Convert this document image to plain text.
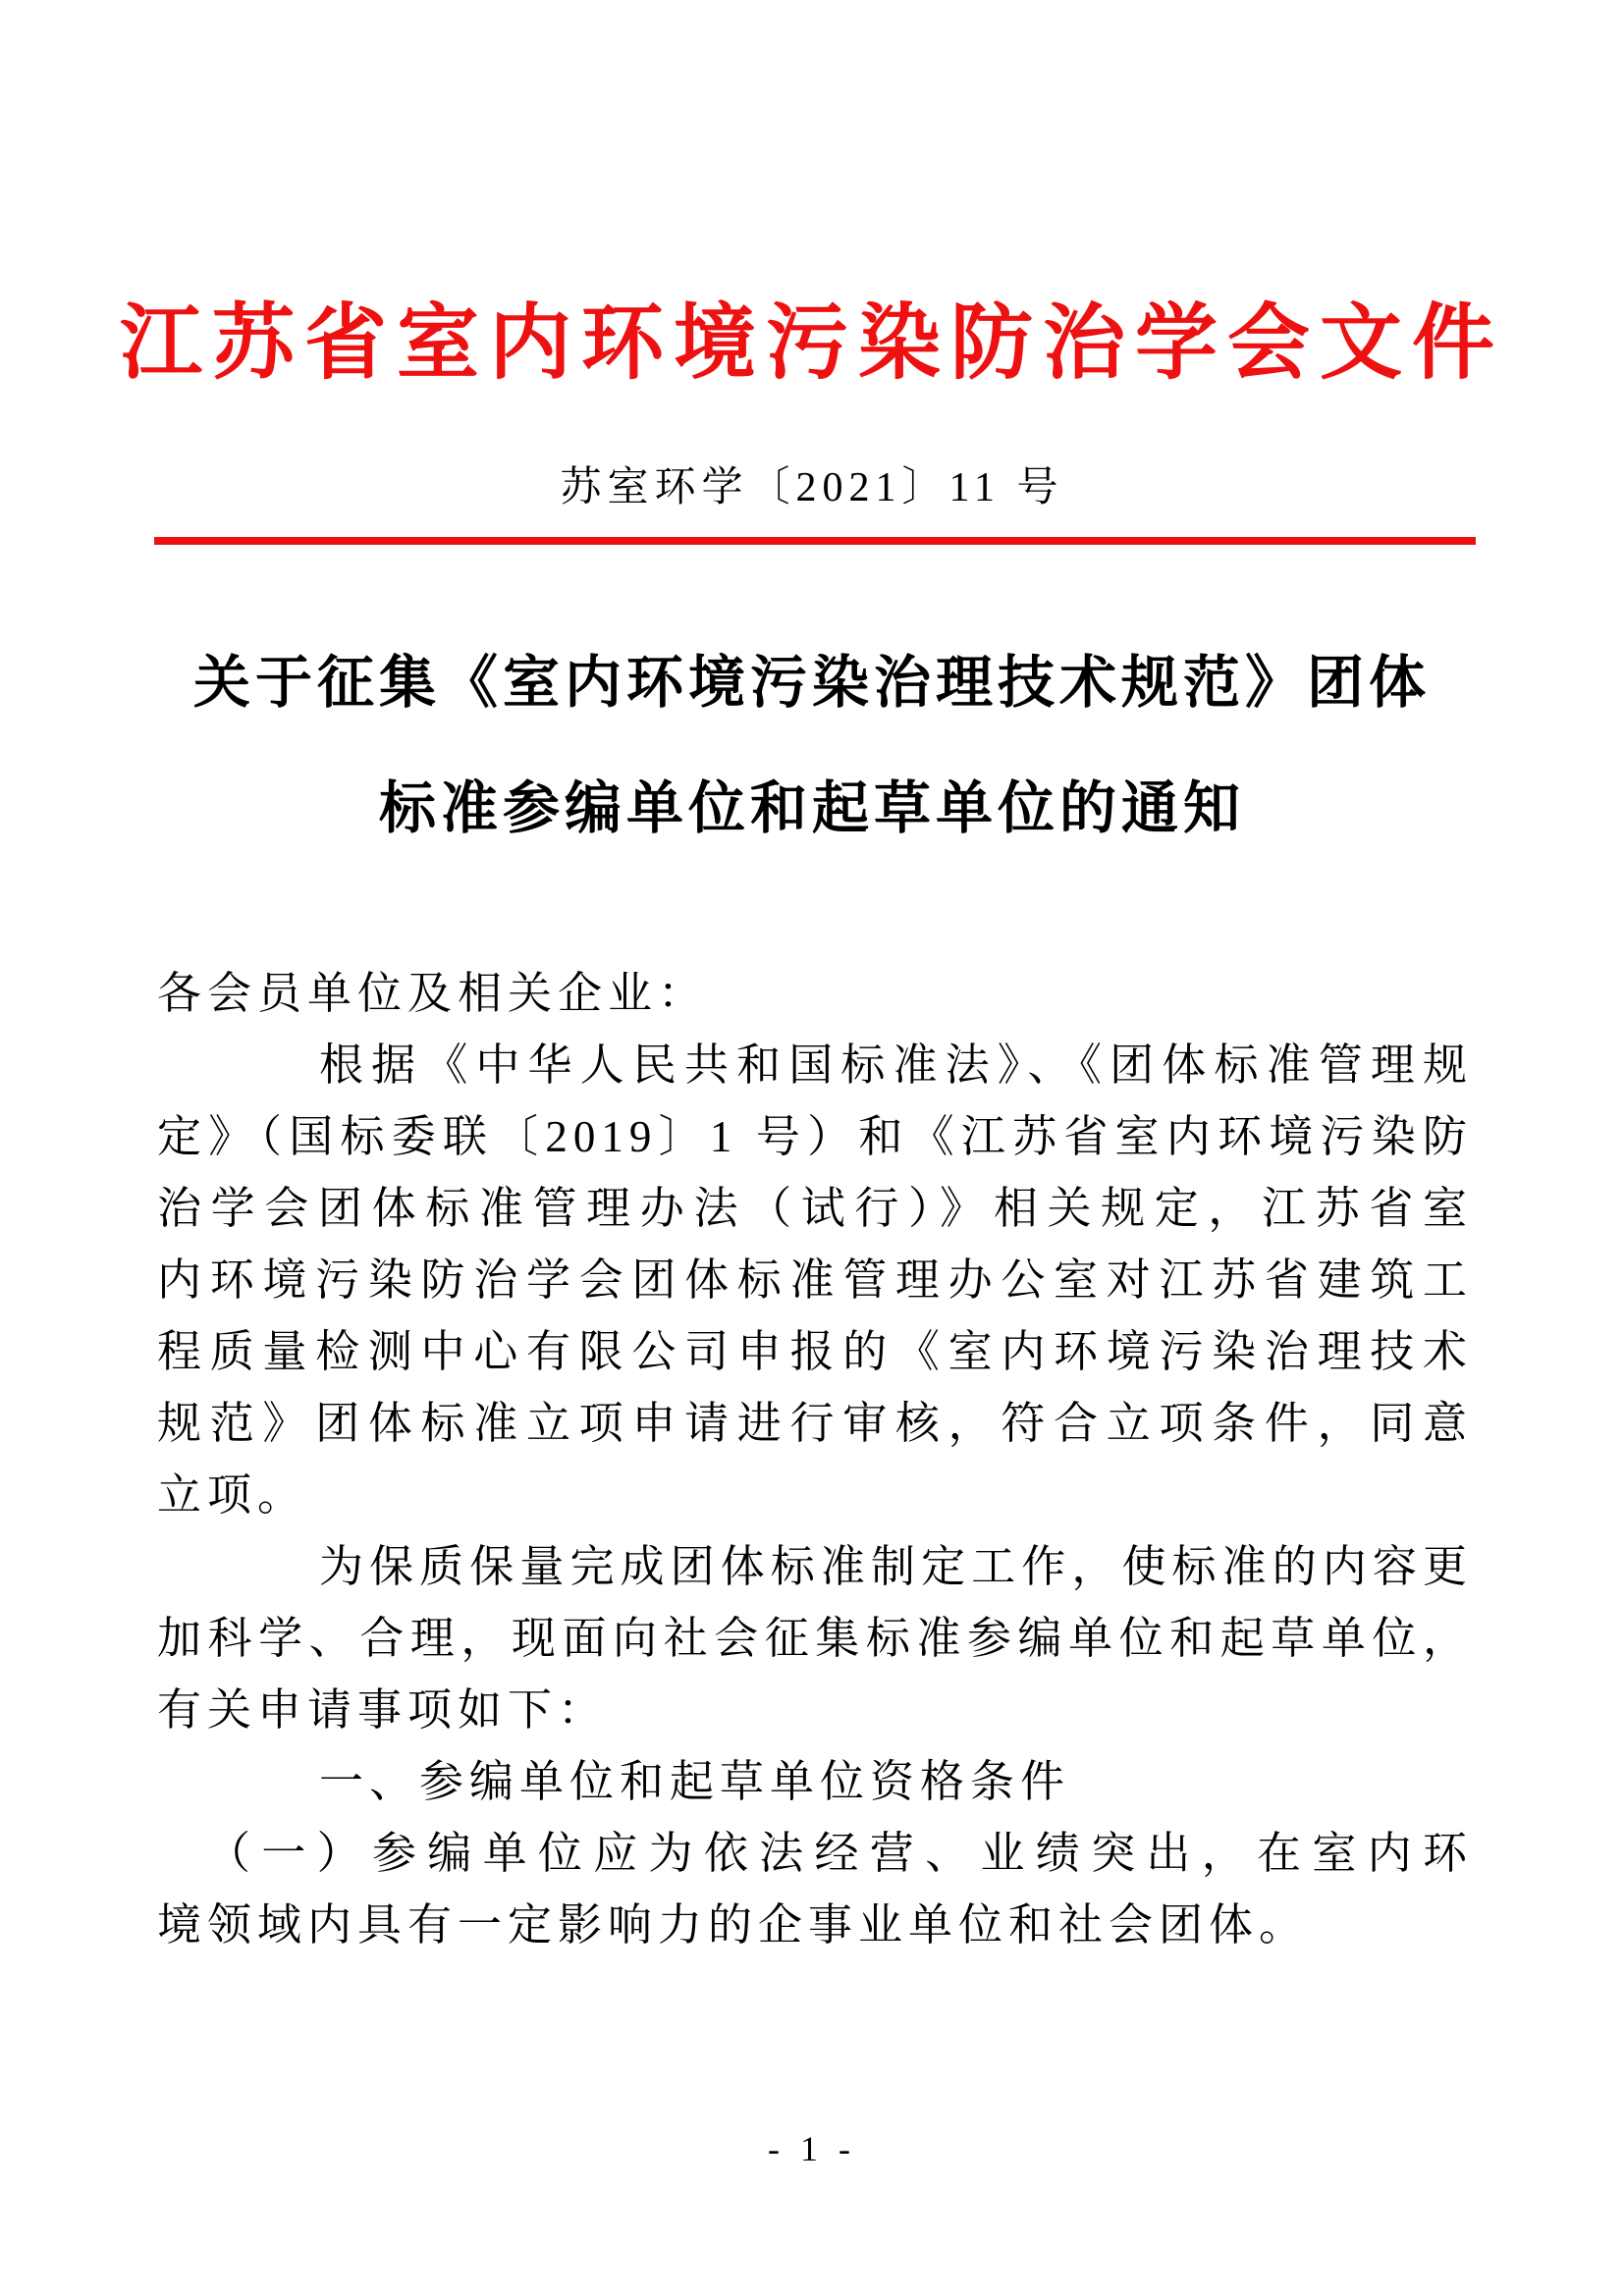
江苏省室内环境污染防治学会文件
苏室环学〔2021〕11 号
关于征集《室内环境污染治理技术规范》团体
标准参编单位和起草单位的通知
各会员单位及相关企业：
根据《中华人民共和国标准法》、《团体标准管理规
定》（国标委联〔2019〕1 号）和《江苏省室内环境污染防
治学会团体标准管理办法（试行）》相关规定，江苏省室
内环境污染防治学会团体标准管理办公室对江苏省建筑工
程质量检测中心有限公司申报的《室内环境污染治理技术
规范》团体标准立项申请进行审核，符合立项条件，同意
立项。
为保质保量完成团体标准制定工作，使标准的内容更
加科学、合理，现面向社会征集标准参编单位和起草单位，
有关申请事项如下：
一、参编单位和起草单位资格条件
（一）参编单位应为依法经营、业绩突出，在室内环
境领域内具有一定影响力的企事业单位和社会团体。
- 1 -
